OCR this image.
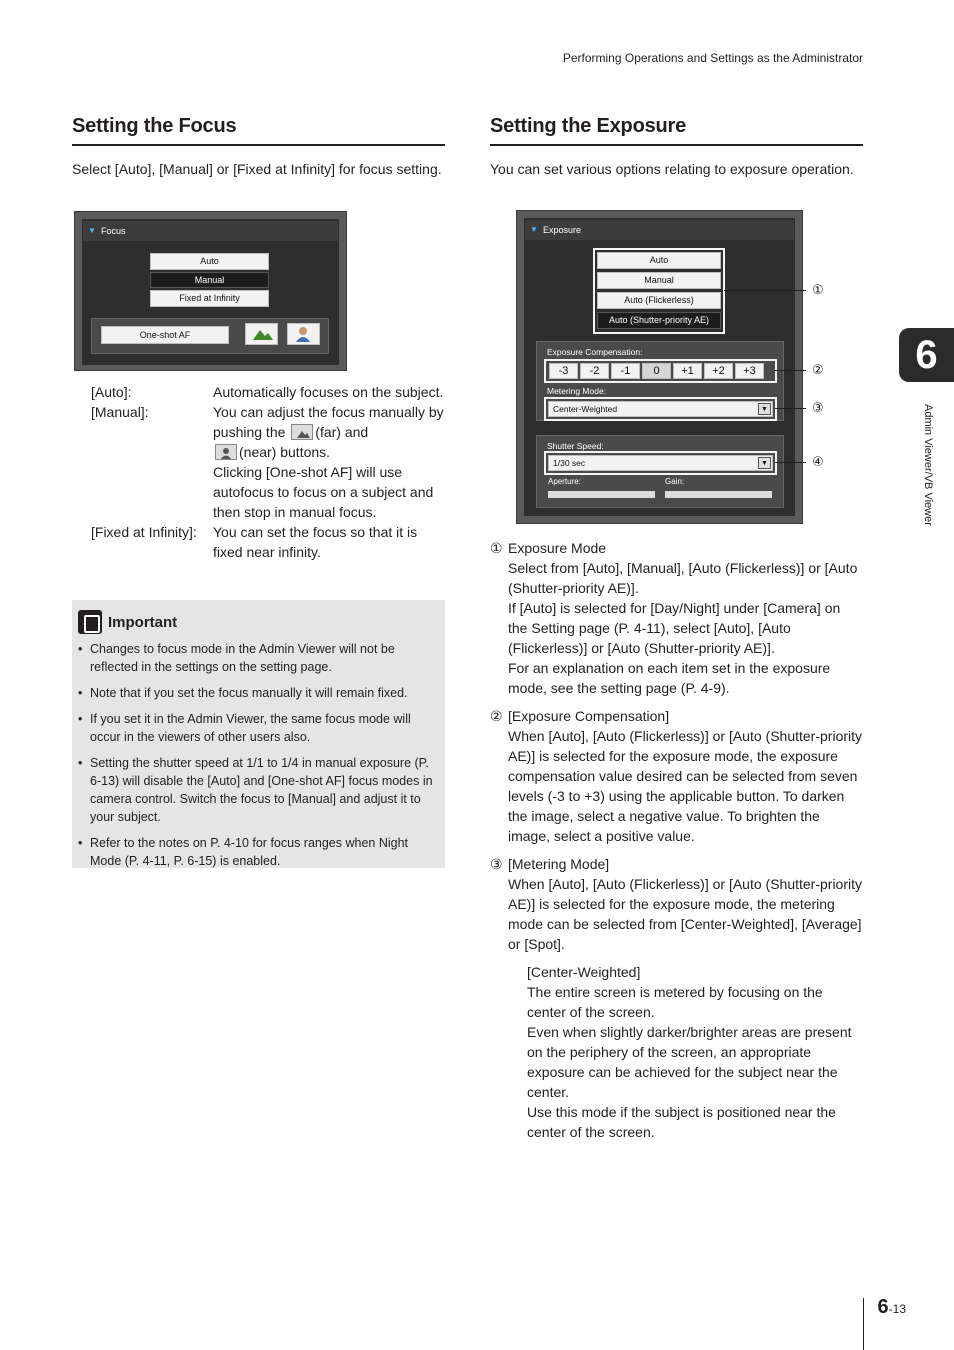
Performing Operations and Settings as the Administrator
6
Admin Viewer/VB Viewer
Setting the Focus

Select [Auto], [Manual] or [Fixed at Infinity] for focus setting.

▼ Focus
Auto
Manual
Fixed at Infinity
One-shot AF
[Auto]:	Automatically focuses on the subject.
[Manual]:	You can adjust the focus manually by pushing the (far) and
(near) buttons.
Clicking [One-shot AF] will use autofocus to focus on a subject and then stop in manual focus.
[Fixed at Infinity]:	You can set the focus so that it is fixed near infinity.
Important
• Changes to focus mode in the Admin Viewer will not be reflected in the settings on the setting page.
• Note that if you set the focus manually it will remain fixed.
• If you set it in the Admin Viewer, the same focus mode will occur in the viewers of other users also.
• Setting the shutter speed at 1/1 to 1/4 in manual exposure (P. 6-13) will disable the [Auto] and [One-shot AF] focus modes in camera control. Switch the focus to [Manual] and adjust it to your subject.
• Refer to the notes on P. 4-10 for focus ranges when Night Mode (P. 4-11, P. 6-15) is enabled.
Setting the Exposure

You can set various options relating to exposure operation.

▼ Exposure
Auto
Manual
Auto (Flickerless)
Auto (Shutter-priority AE)
Exposure Compensation:
-3	-2	-1	0	+1	+2	+3
Metering Mode:
Center-Weighted	▼
Shutter Speed:
1/30 sec	▼
Aperture:	Gain:
①
②
③
④
① Exposure Mode
Select from [Auto], [Manual], [Auto (Flickerless)] or [Auto (Shutter-priority AE)].
If [Auto] is selected for [Day/Night] under [Camera] on the Setting page (P. 4-11), select [Auto], [Auto (Flickerless)] or [Auto (Shutter-priority AE)].
For an explanation on each item set in the exposure mode, see the setting page (P. 4-9).
② [Exposure Compensation]
When [Auto], [Auto (Flickerless)] or [Auto (Shutter-priority AE)] is selected for the exposure mode, the exposure compensation value desired can be selected from seven levels (-3 to +3) using the applicable button. To darken the image, select a negative value. To brighten the image, select a positive value.
③ [Metering Mode]
When [Auto], [Auto (Flickerless)] or [Auto (Shutter-priority AE)] is selected for the exposure mode, the metering mode can be selected from [Center-Weighted], [Average] or [Spot].
[Center-Weighted]
The entire screen is metered by focusing on the center of the screen.
Even when slightly darker/brighter areas are present on the periphery of the screen, an appropriate exposure can be achieved for the subject near the center.
Use this mode if the subject is positioned near the center of the screen.
6-13
